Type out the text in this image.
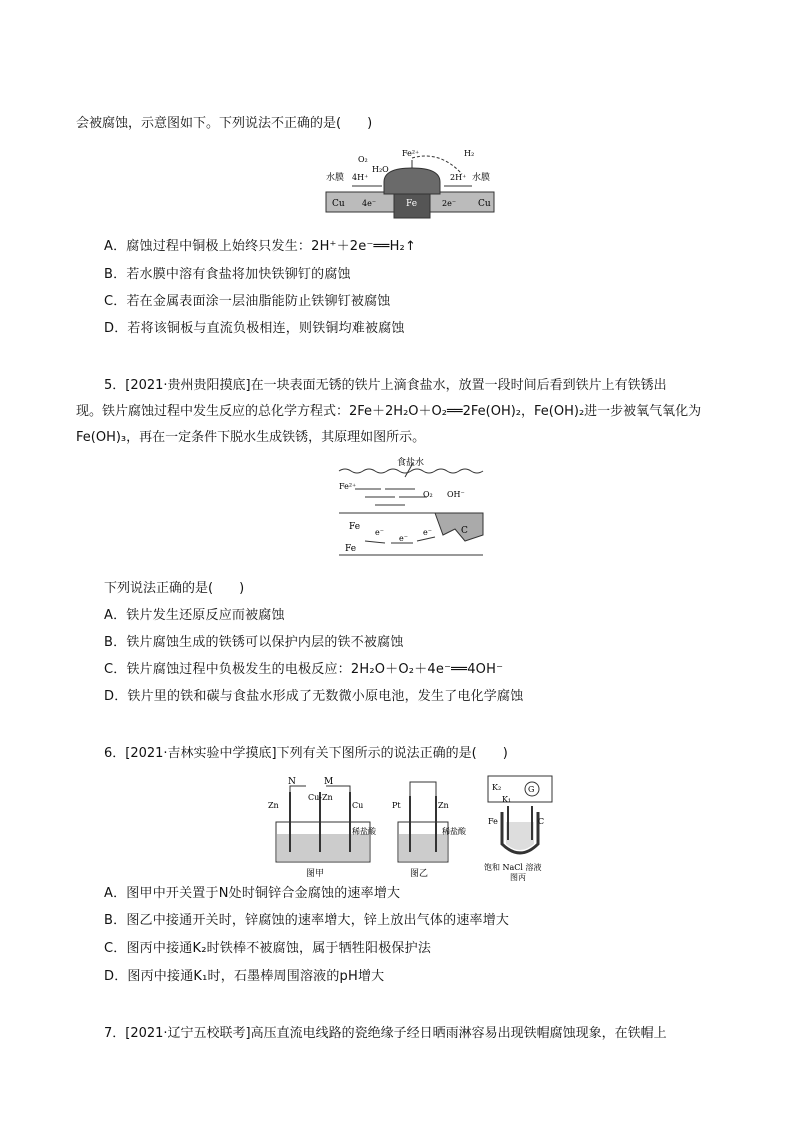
会被腐蚀，示意图如下。下列说法不正确的是(　　)
O₂
H₂O
Fe²⁺	H₂
4H⁺	2H⁺
水膜	水膜
Cu	Cu
4e⁻	2e⁻
Fe
A．腐蚀过程中铜极上始终只发生：2H⁺＋2e⁻══H₂↑
B．若水膜中溶有食盐将加快铁铆钉的腐蚀
C．若在金属表面涂一层油脂能防止铁铆钉被腐蚀
D．若将该铜板与直流负极相连，则铁铜均难被腐蚀
5．[2021·贵州贵阳摸底]在一块表面无锈的铁片上滴食盐水，放置一段时间后看到铁片上有铁锈出
现。铁片腐蚀过程中发生反应的总化学方程式：2Fe＋2H₂O＋O₂══2Fe(OH)₂，Fe(OH)₂进一步被氧气氧化为
Fe(OH)₃，再在一定条件下脱水生成铁锈，其原理如图所示。
食盐水
Fe²⁺
O₂ OH⁻
Fe
Fe
C
e⁻
e⁻
e⁻
下列说法正确的是(　　)
A．铁片发生还原反应而被腐蚀
B．铁片腐蚀生成的铁锈可以保护内层的铁不被腐蚀
C．铁片腐蚀过程中负极发生的电极反应：2H₂O＋O₂＋4e⁻══4OH⁻
D．铁片里的铁和碳与食盐水形成了无数微小原电池，发生了电化学腐蚀
6．[2021·吉林实验中学摸底]下列有关下图所示的说法正确的是(　　)
N	M
Cu-Zn
Zn	Cu
稀盐酸
图甲
Pt	Zn
稀盐酸
图乙
K₂
K₁
G
Fe	C
饱和 NaCl 溶液
图丙
A．图甲中开关置于N处时铜锌合金腐蚀的速率增大
B．图乙中接通开关时，锌腐蚀的速率增大，锌上放出气体的速率增大
C．图丙中接通K₂时铁棒不被腐蚀，属于牺牲阳极保护法
D．图丙中接通K₁时，石墨棒周围溶液的pH增大
7．[2021·辽宁五校联考]高压直流电线路的瓷绝缘子经日晒雨淋容易出现铁帽腐蚀现象，在铁帽上
